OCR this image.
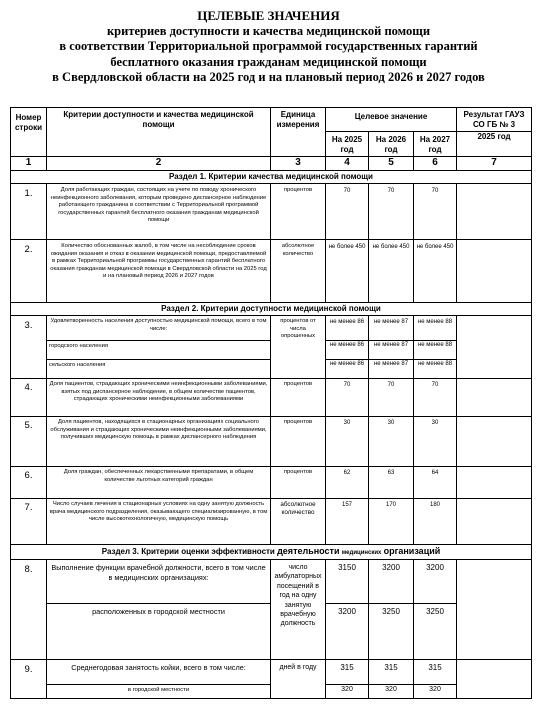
ЦЕЛЕВЫЕ ЗНАЧЕНИЯ
критериев доступности и качества медицинской помощи
в соответствии Территориальной программой государственных гарантий
бесплатного оказания гражданам медицинской помощи
в Свердловской области на 2025 год и на плановый период 2026 и 2027 годов
Номер строки	Критерии доступности и качества медицинской помощи	Единица измерения	Целевое значение			Результат ГАУЗ СО ГБ № 3
			На 2025 год	На 2026 год	На 2027 год	2025 год
1	2	3	4	5	6	7
Раздел 1. Критерии качества медицинской помощи						
1.	Доля работающих граждан, состоящих на учете по поводу хронического неинфекционного заболевания, которым проведено диспансерное наблюдение работающего гражданина в соответствии с Территориальной программой государственных гарантий бесплатного оказания гражданам медицинской помощи	процентов	70	70	70	
2.	Количество обоснованных жалоб, в том числе на несоблюдение сроков ожидания оказания и отказ в оказании медицинской помощи, предоставляемой в рамках Территориальной программы государственных гарантий бесплатного оказания гражданам медицинской помощи в Свердловской области на 2025 год и на плановый период 2026 и 2027 годов	абсолютное количество	не более 450	не более 450	не более 450	
Раздел 2. Критерии доступности медицинской помощи						
3.	Удовлетворенность населения доступностью медицинской помощи, всего в том числе:	процентов от числа опрошенных	не менее 86	не менее 87	не менее 88	
	городского населения		не менее 86	не менее 87	не менее 88	
	сельского населения		не менее 86	не менее 87	не менее 88	
4.	Доля пациентов, страдающих хроническими неинфекционными заболеваниями, взятых под диспансерное наблюдение, в общем количестве пациентов, страдающих хроническими неинфекционными заболеваниями	процентов	70	70	70	
5.	Доля пациентов, находящихся в стационарных организациях социального обслуживания и страдающих хроническими неинфекционными заболеваниями, получивших медицинскую помощь в рамках диспансерного наблюдения	процентов	30	30	30	
6.	Доля граждан, обеспеченных лекарственными препаратами, в общем количестве льготных категорий граждан	процентов	62	63	64	
7.	Число случаев лечения в стационарных условиях на одну занятую должность врача медицинского подразделения, оказывающего специализированную, в том числе высокотехнологичную, медицинскую помощь	абсолютное количество	157	170	180	
Раздел 3. Критерии оценки эффективности деятельности медицинских организаций						
8.	Выполнение функции врачебной должности, всего в том числе в медицинских организациях:	число амбулаторных посещений в год на одну занятую врачебную должность	3150	3200	3200	
	расположенных в городской местности		3200	3250	3250	
9.	Среднегодовая занятость койки, всего в том числе:	дней в году	315	315	315	
	в городской местности		320	320	320	
